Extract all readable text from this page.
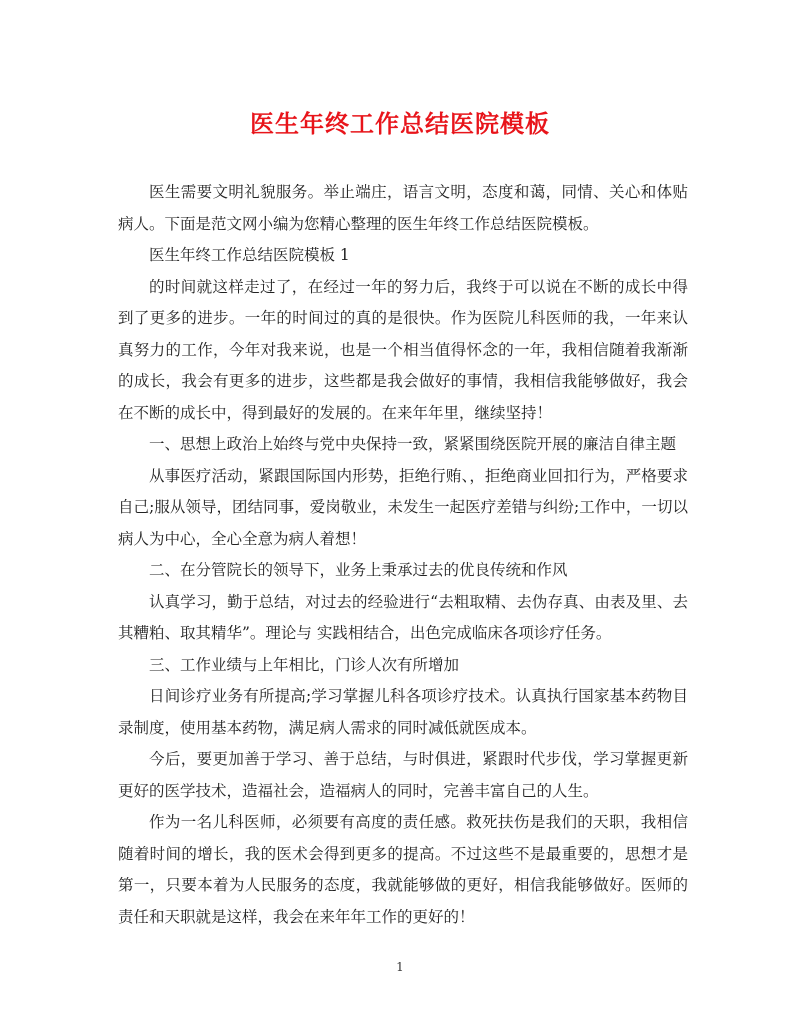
医生年终工作总结医院模板

医生需要文明礼貌服务。举止端庄，语言文明，态度和蔼，同情、关心和体贴病人。下面是范文网小编为您精心整理的医生年终工作总结医院模板。

医生年终工作总结医院模板 1

的时间就这样走过了，在经过一年的努力后，我终于可以说在不断的成长中得到了更多的进步。一年的时间过的真的是很快。作为医院儿科医师的我，一年来认真努力的工作，今年对我来说，也是一个相当值得怀念的一年，我相信随着我渐渐的成长，我会有更多的进步，这些都是我会做好的事情，我相信我能够做好，我会在不断的成长中，得到最好的发展的。在来年年里，继续坚持！

一、思想上政治上始终与党中央保持一致，紧紧围绕医院开展的廉洁自律主题

从事医疗活动，紧跟国际国内形势，拒绝行贿、，拒绝商业回扣行为，严格要求自己;服从领导，团结同事，爱岗敬业，未发生一起医疗差错与纠纷;工作中，一切以病人为中心，全心全意为病人着想！

二、在分管院长的领导下，业务上秉承过去的优良传统和作风

认真学习，勤于总结，对过去的经验进行“去粗取精、去伪存真、由表及里、去其糟粕、取其精华”。理论与 实践相结合，出色完成临床各项诊疗任务。

三、工作业绩与上年相比，门诊人次有所增加

日间诊疗业务有所提高;学习掌握儿科各项诊疗技术。认真执行国家基本药物目录制度，使用基本药物，满足病人需求的同时减低就医成本。

今后，要更加善于学习、善于总结，与时俱进，紧跟时代步伐，学习掌握更新更好的医学技术，造福社会，造福病人的同时，完善丰富自己的人生。

作为一名儿科医师，必须要有高度的责任感。救死扶伤是我们的天职，我相信随着时间的增长，我的医术会得到更多的提高。不过这些不是最重要的，思想才是第一，只要本着为人民服务的态度，我就能够做的更好，相信我能够做好。医师的责任和天职就是这样，我会在来年年工作的更好的！

1
